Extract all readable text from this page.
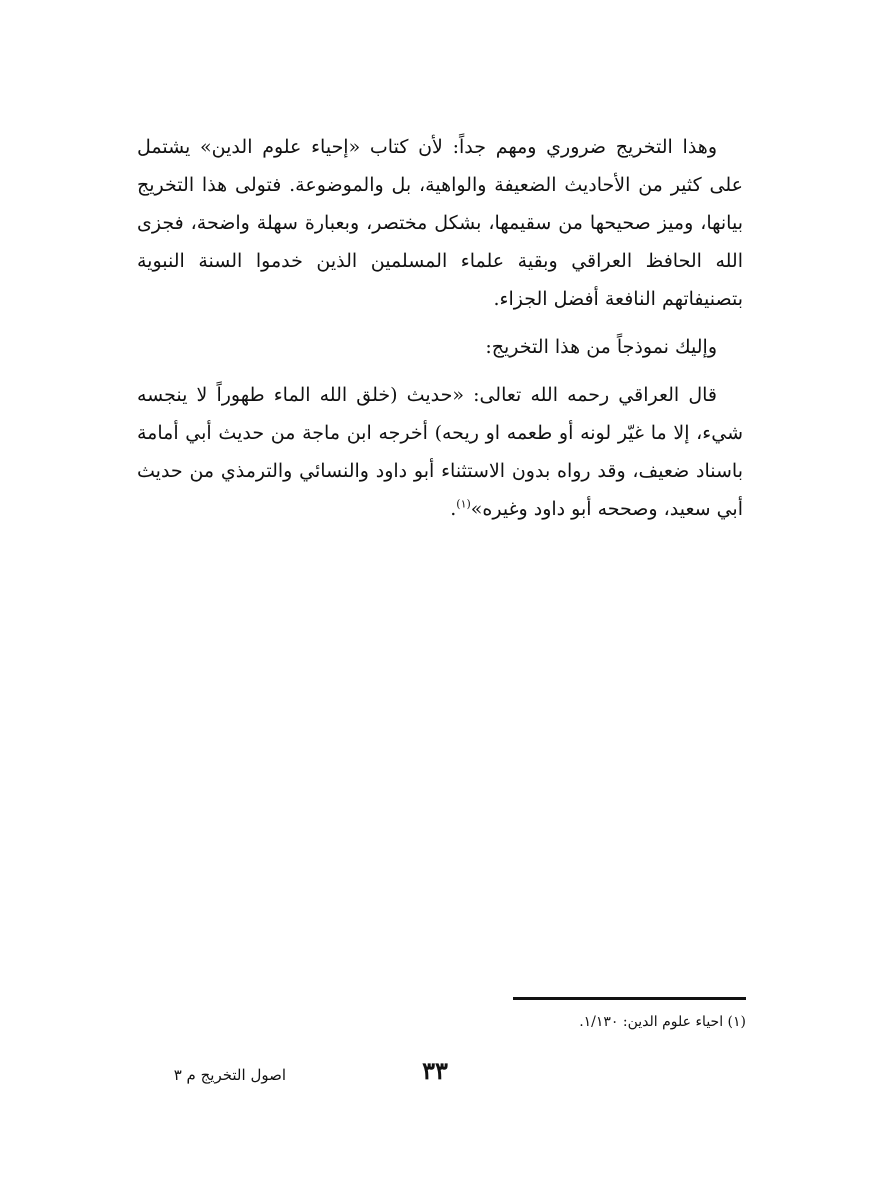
وهذا التخريج ضروري ومهم جداً: لأن كتاب «إحياء علوم الدين» يشتمل على كثير من الأحاديث الضعيفة والواهية، بل والموضوعة. فتولى هذا التخريج بيانها، وميز صحيحها من سقيمها، بشكل مختصر، وبعبارة سهلة واضحة، فجزى الله الحافظ العراقي وبقية علماء المسلمين الذين خدموا السنة النبوية بتصنيفاتهم النافعة أفضل الجزاء.

وإليك نموذجاً من هذا التخريج:

قال العراقي رحمه الله تعالى: «حديث (خلق الله الماء طهوراً لا ينجسه شيء، إلا ما غيّر لونه أو طعمه او ريحه) أخرجه ابن ماجة من حديث أبي أمامة باسناد ضعيف، وقد رواه بدون الاستثناء أبو داود والنسائي والترمذي من حديث أبي سعيد، وصححه أبو داود وغيره»$^{(١)}$.

(١) احياء علوم الدين: ١/١٣٠.
٣٣
اصول التخريج م ٣
